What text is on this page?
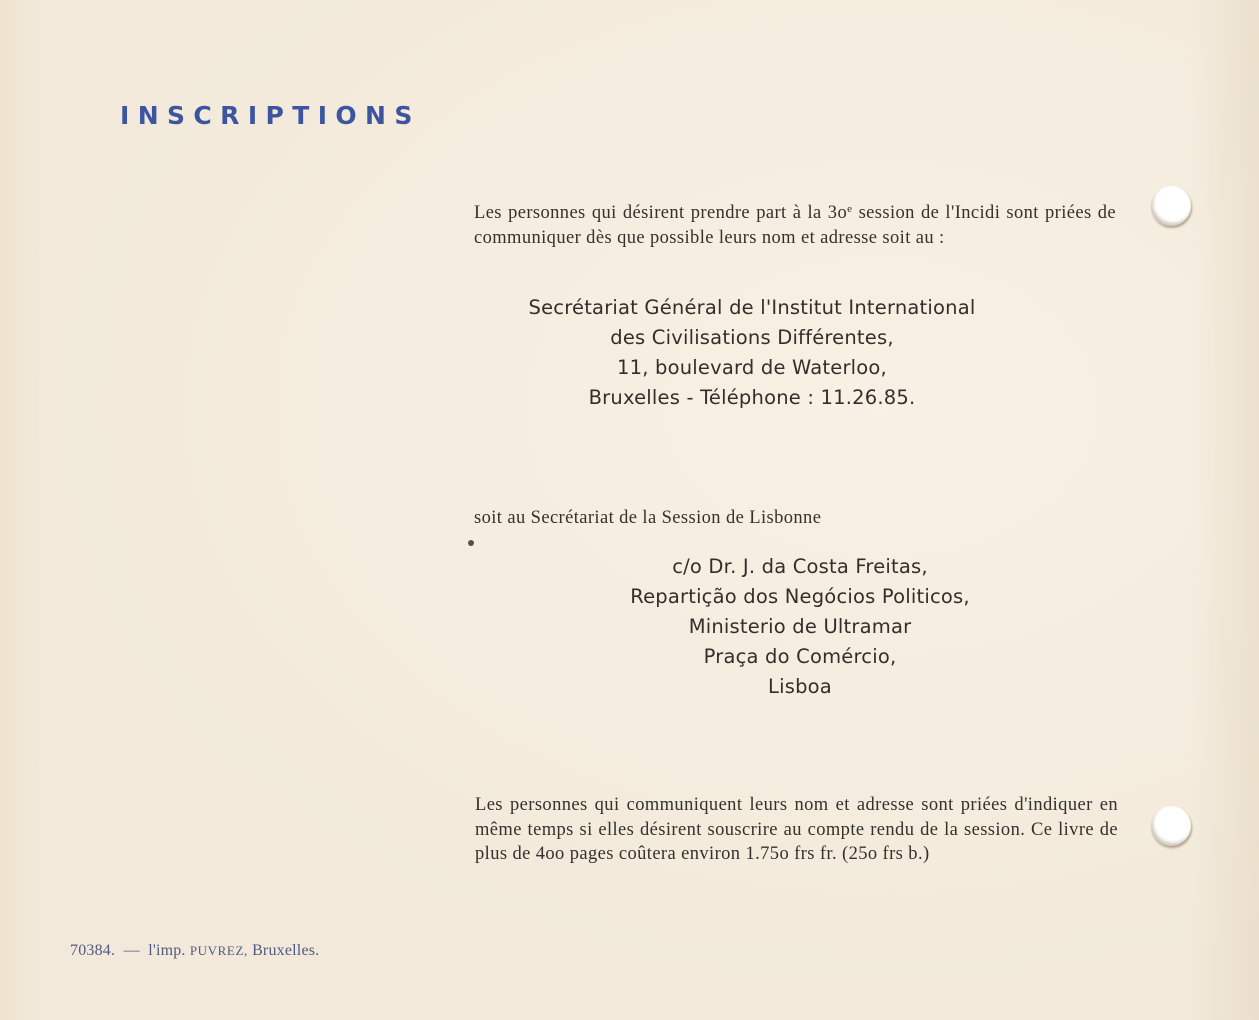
INSCRIPTIONS
Les personnes qui désirent prendre part à la $3o^e$ session de l'Incidi sont priées de communiquer dès que possible leurs nom et adresse soit au :
Secrétariat Général de l'Institut International
des Civilisations Différentes,
11, boulevard de Waterloo,
Bruxelles - Téléphone : 11.26.85.
soit au Secrétariat de la Session de Lisbonne
c/o Dr. J. da Costa Freitas,
Repartição dos Negócios Politicos,
Ministerio de Ultramar
Praça do Comércio,
Lisboa
Les personnes qui communiquent leurs nom et adresse sont priées d'indiquer en même temps si elles désirent souscrire au compte rendu de la session. Ce livre de plus de 4oo pages coûtera environ 1.75o frs fr. (25o frs b.)
70384. — l'imp. PUVREZ, Bruxelles.
